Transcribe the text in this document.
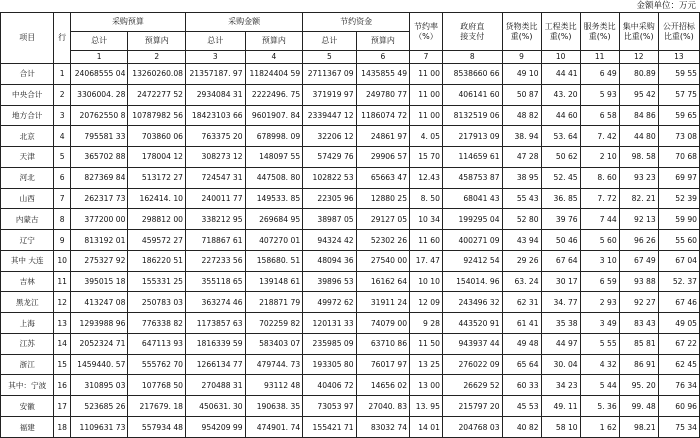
金额单位：万元
项目	行	采购预算		采购金额		节约资金		节约率
（%）	政府直
接支付	货物类比
重(%)	工程类比
重(%)	服务类比
重(%)	集中采购
比重(%)	公开招标
比重(%)
		总计	预算内	总计	预算内	总计	预算内							
		1	2	3	4	5	6	7	8	9	10	11	12	13
合计	1	24068555 04	13260260.08	21357187. 97	11824404 59	2711367 09	1435855 49	11 00	8538660 66	49 10	44 41	6 49	80.89	59 55
中央合计	2	3306004. 28	2472277 52	2934084 31	2222496. 75	371919 97	249780 77	11 00	406141 60	50 87	43. 20	5 93	95 42	57 75
地方合计	3	20762550 8	10787982 56	18423103 66	9601907. 84	2339447 12	1186074 72	11 00	8132519 06	48 82	44 60	6 58	84 86	59 65
北京	4	795581 33	703860 06	763375 20	678998. 09	32206 12	24861 97	4. 05	217913 09	38. 94	53. 64	7. 42	44 80	73 08
天津	5	365702 88	178004 12	308273 12	148097 55	57429 76	29906 57	15 70	114659 61	47 28	50 62	2 10	98. 58	70 68
河北	6	827369 84	513172 27	724547 31	447508. 80	102822 53	65663 47	12.43	458753 87	38 95	52. 45	8. 60	93 23	69 97
山西	7	262317 73	162414. 10	240011 77	149533. 85	22305 96	12880 25	8. 50	68041 43	55 43	36. 85	7. 72	82. 21	52 39
内蒙古	8	377200 00	298812 00	338212 95	269684 95	38987 05	29127 05	10 34	199295 04	52 80	39 76	7 44	92 13	59 90
辽宁	9	813192 01	459572 27	718867 61	407270 01	94324 42	52302 26	11 60	400271 09	43 94	50 46	5 60	96 26	55 60
其中 大连	10	275327 92	186220 51	227233 56	158680. 51	48094 36	27540 00	17. 47	92412 54	29 26	67 64	3 10	67 49	67 04
吉林	11	395015 18	155331 25	355118 65	139148 61	39896 53	16162 64	10 10	154014. 96	63. 24	30 17	6 59	93 88	52. 37
黑龙江	12	413247 08	250783 03	363274 46	218871 79	49972 62	31911 24	12 09	243496 32	62 31	34. 77	2 93	92 27	67 46
上海	13	1293988 96	776338 82	1173857 63	702259 82	120131 33	74079 00	9 28	443520 91	61 41	35 38	3 49	83 43	49 05
江苏	14	2052324 71	647113 93	1816339 59	583403 07	235985 09	63710 86	11 50	943937 44	49 48	44 97	5 55	85 81	67 22
浙江	15	1459440. 57	555762 70	1266134 77	479744. 73	193305 80	76017 97	13 25	276022 09	65 64	30. 04	4 32	86 91	62 45
其中：宁波	16	310895 03	107768 50	270488 31	93112 48	40406 72	14656 02	13 00	26629 52	60 33	34 23	5 44	95. 20	76 34
安徽	17	523685 26	217679. 18	450631. 30	190638. 35	73053 97	27040. 83	13. 95	215797 20	45 53	49. 11	5. 36	99. 48	60 96
福建	18	1109631 73	557934 48	954209 99	474901. 74	155421 71	83032 74	14 01	204768 03	40 82	58 10	1 62	98.21	75 34
